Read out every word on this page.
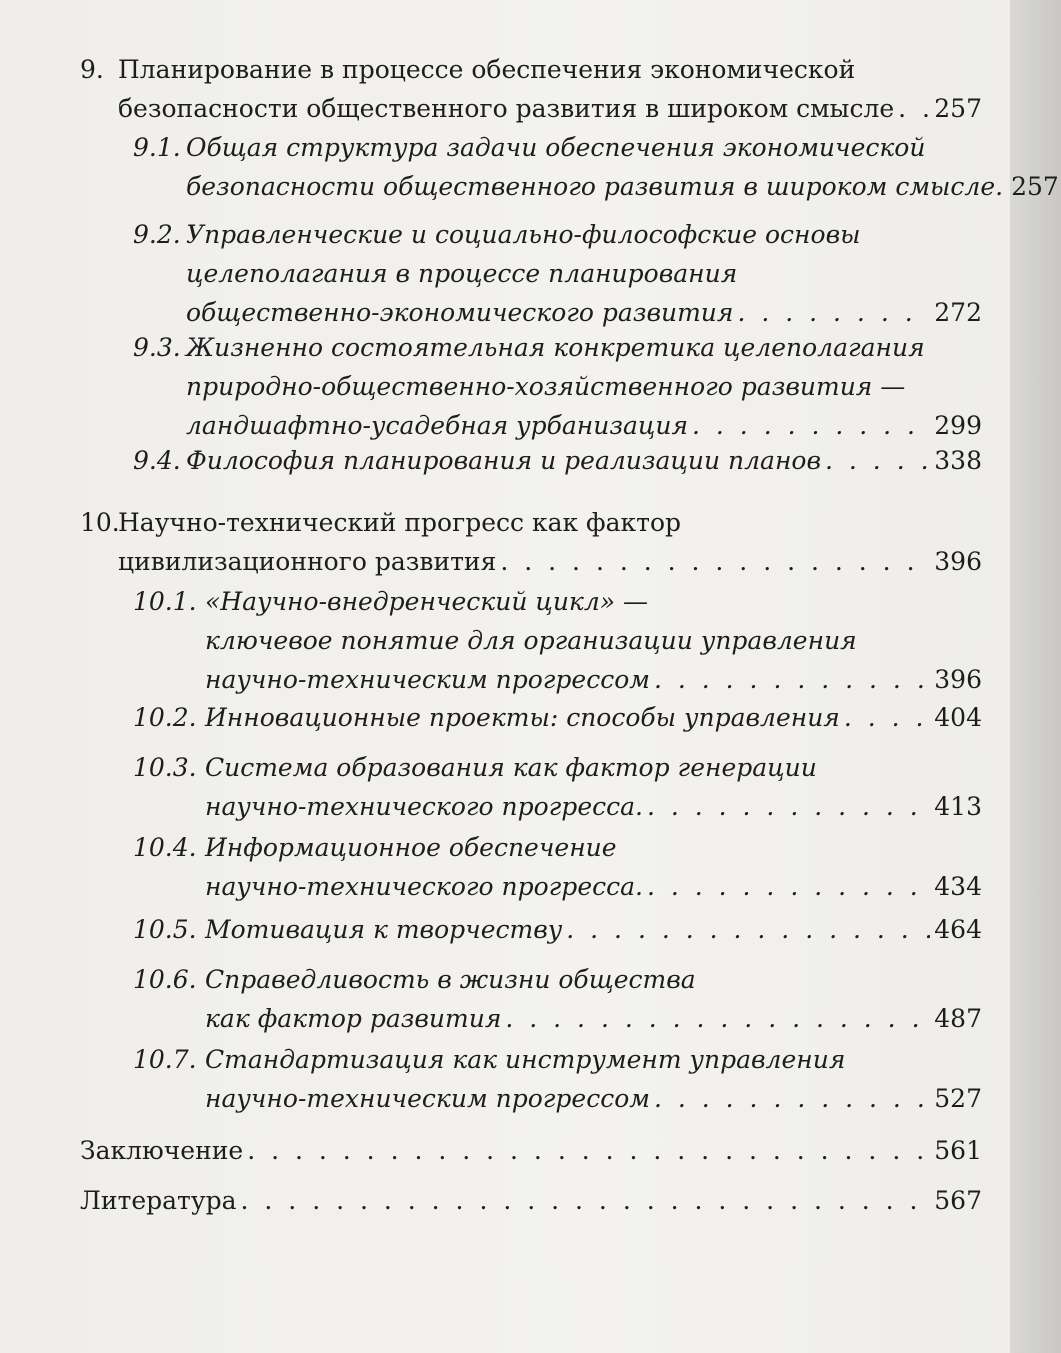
9. Планирование в процессе обеспечения экономической
безопасности общественного развития в широком смысле . . . 257
9.1. Общая структура задачи обеспечения экономической
безопасности общественного развития в широком смысле. 257
9.2. Управленческие и социально-философские основы
целеполагания в процессе планирования
общественно-экономического развития . . .	272
9.3. Жизненно состоятельная конкретика целеполагания
природно-общественно-хозяйственного развития —
ландшафтно-усадебная урбанизация . . .	299
9.4. Философия планирования и реализации планов . . .	338
10.
Научно-технический прогресс как фактор
цивилизационного развития . . .	396
10.1. «Научно-внедренческий цикл» —
ключевое понятие для организации управления
научно-техническим прогрессом . . .	396
10.2. Инновационные проекты: способы управления . . .	404
10.3. Система образования как фактор генерации
научно-технического прогресса. . . .	413
10.4. Информационное обеспечение
научно-технического прогресса. . . .	434
10.5. Мотивация к творчеству . . .	464
10.6. Справедливость в жизни общества
как фактор развития . . .	487
10.7. Стандартизация как инструмент управления
научно-техническим прогрессом . . .	527
Заключение . . .	561
Литература . . .	567
